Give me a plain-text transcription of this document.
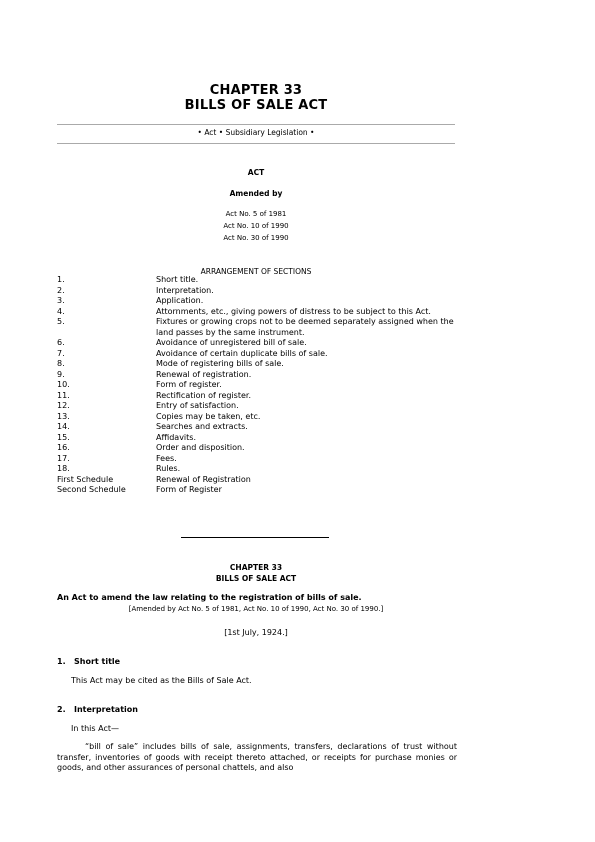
CHAPTER 33
BILLS OF SALE ACT
• Act • Subsidiary Legislation •
ACT
Amended by
Act No. 5 of 1981
Act No. 10 of 1990
Act No. 30 of 1990
ARRANGEMENT OF SECTIONS
1.	Short title.
2.	Interpretation.
3.	Application.
4.	Attornments, etc., giving powers of distress to be subject to this Act.
5.	Fixtures or growing crops not to be deemed separately assigned when the land passes by the same instrument.
6.	Avoidance of unregistered bill of sale.
7.	Avoidance of certain duplicate bills of sale.
8.	Mode of registering bills of sale.
9.	Renewal of registration.
10.	Form of register.
11.	Rectification of register.
12.	Entry of satisfaction.
13.	Copies may be taken, etc.
14.	Searches and extracts.
15.	Affidavits.
16.	Order and disposition.
17.	Fees.
18.	Rules.
First Schedule	Renewal of Registration
Second Schedule	Form of Register
CHAPTER 33
BILLS OF SALE ACT
An Act to amend the law relating to the registration of bills of sale.
[Amended by Act No. 5 of 1981, Act No. 10 of 1990, Act No. 30 of 1990.]
[1st July, 1924.]
1. Short title
This Act may be cited as the Bills of Sale Act.
2. Interpretation
In this Act—
“bill of sale” includes bills of sale, assignments, transfers, declarations of trust without transfer, inventories of goods with receipt thereto attached, or receipts for purchase monies or goods, and other assurances of personal chattels, and also
